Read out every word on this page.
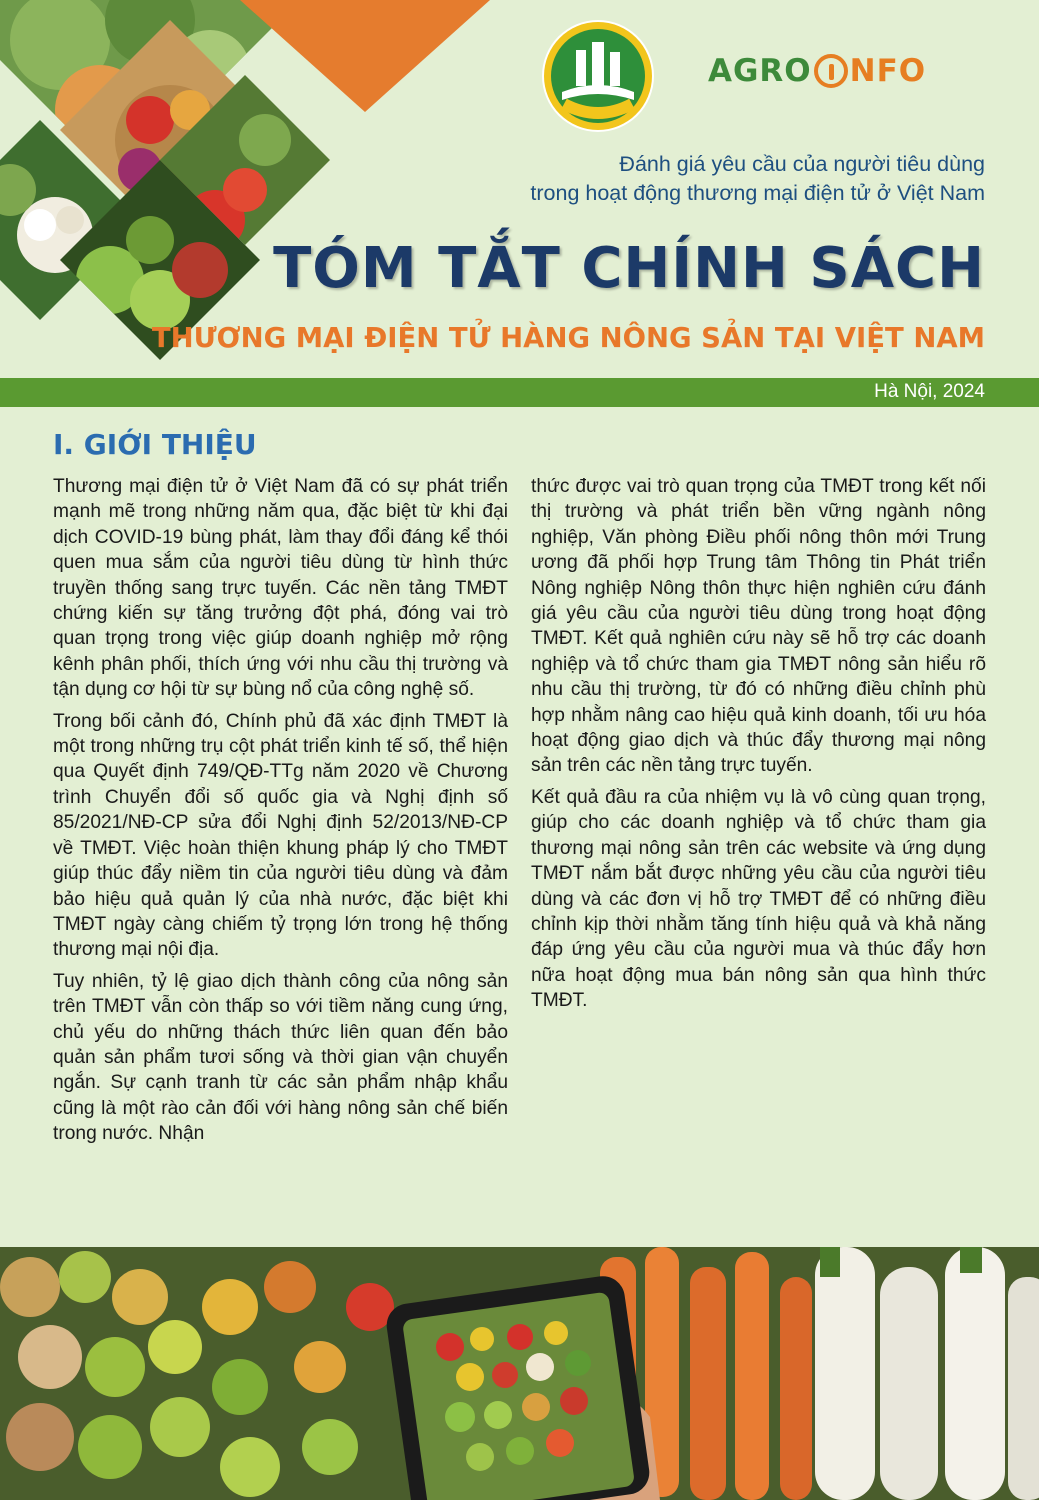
AGRO NFO
Đánh giá yêu cầu của người tiêu dùng
trong hoạt động thương mại điện tử ở Việt Nam
TÓM TẮT CHÍNH SÁCH
THƯƠNG MẠI ĐIỆN TỬ HÀNG NÔNG SẢN TẠI VIỆT NAM
Hà Nội, 2024
I. GIỚI THIỆU

Thương mại điện tử ở Việt Nam đã có sự phát triển mạnh mẽ trong những năm qua, đặc biệt từ khi đại dịch COVID-19 bùng phát, làm thay đổi đáng kể thói quen mua sắm của người tiêu dùng từ hình thức truyền thống sang trực tuyến. Các nền tảng TMĐT chứng kiến sự tăng trưởng đột phá, đóng vai trò quan trọng trong việc giúp doanh nghiệp mở rộng kênh phân phối, thích ứng với nhu cầu thị trường và tận dụng cơ hội từ sự bùng nổ của công nghệ số.

Trong bối cảnh đó, Chính phủ đã xác định TMĐT là một trong những trụ cột phát triển kinh tế số, thể hiện qua Quyết định 749/QĐ-TTg năm 2020 về Chương trình Chuyển đổi số quốc gia và Nghị định số 85/2021/NĐ-CP sửa đổi Nghị định 52/2013/NĐ-CP về TMĐT. Việc hoàn thiện khung pháp lý cho TMĐT giúp thúc đẩy niềm tin của người tiêu dùng và đảm bảo hiệu quả quản lý của nhà nước, đặc biệt khi TMĐT ngày càng chiếm tỷ trọng lớn trong hệ thống thương mại nội địa.

Tuy nhiên, tỷ lệ giao dịch thành công của nông sản trên TMĐT vẫn còn thấp so với tiềm năng cung ứng, chủ yếu do những thách thức liên quan đến bảo quản sản phẩm tươi sống và thời gian vận chuyển ngắn. Sự cạnh tranh từ các sản phẩm nhập khẩu cũng là một rào cản đối với hàng nông sản chế biến trong nước. Nhận

thức được vai trò quan trọng của TMĐT trong kết nối thị trường và phát triển bền vững ngành nông nghiệp, Văn phòng Điều phối nông thôn mới Trung ương đã phối hợp Trung tâm Thông tin Phát triển Nông nghiệp Nông thôn thực hiện nghiên cứu đánh giá yêu cầu của người tiêu dùng trong hoạt động TMĐT. Kết quả nghiên cứu này sẽ hỗ trợ các doanh nghiệp và tổ chức tham gia TMĐT nông sản hiểu rõ nhu cầu thị trường, từ đó có những điều chỉnh phù hợp nhằm nâng cao hiệu quả kinh doanh, tối ưu hóa hoạt động giao dịch và thúc đẩy thương mại nông sản trên các nền tảng trực tuyến.

Kết quả đầu ra của nhiệm vụ là vô cùng quan trọng, giúp cho các doanh nghiệp và tổ chức tham gia thương mại nông sản trên các website và ứng dụng TMĐT nắm bắt được những yêu cầu của người tiêu dùng và các đơn vị hỗ trợ TMĐT để có những điều chỉnh kịp thời nhằm tăng tính hiệu quả và khả năng đáp ứng yêu cầu của người mua và thúc đẩy hơn nữa hoạt động mua bán nông sản qua hình thức TMĐT.
